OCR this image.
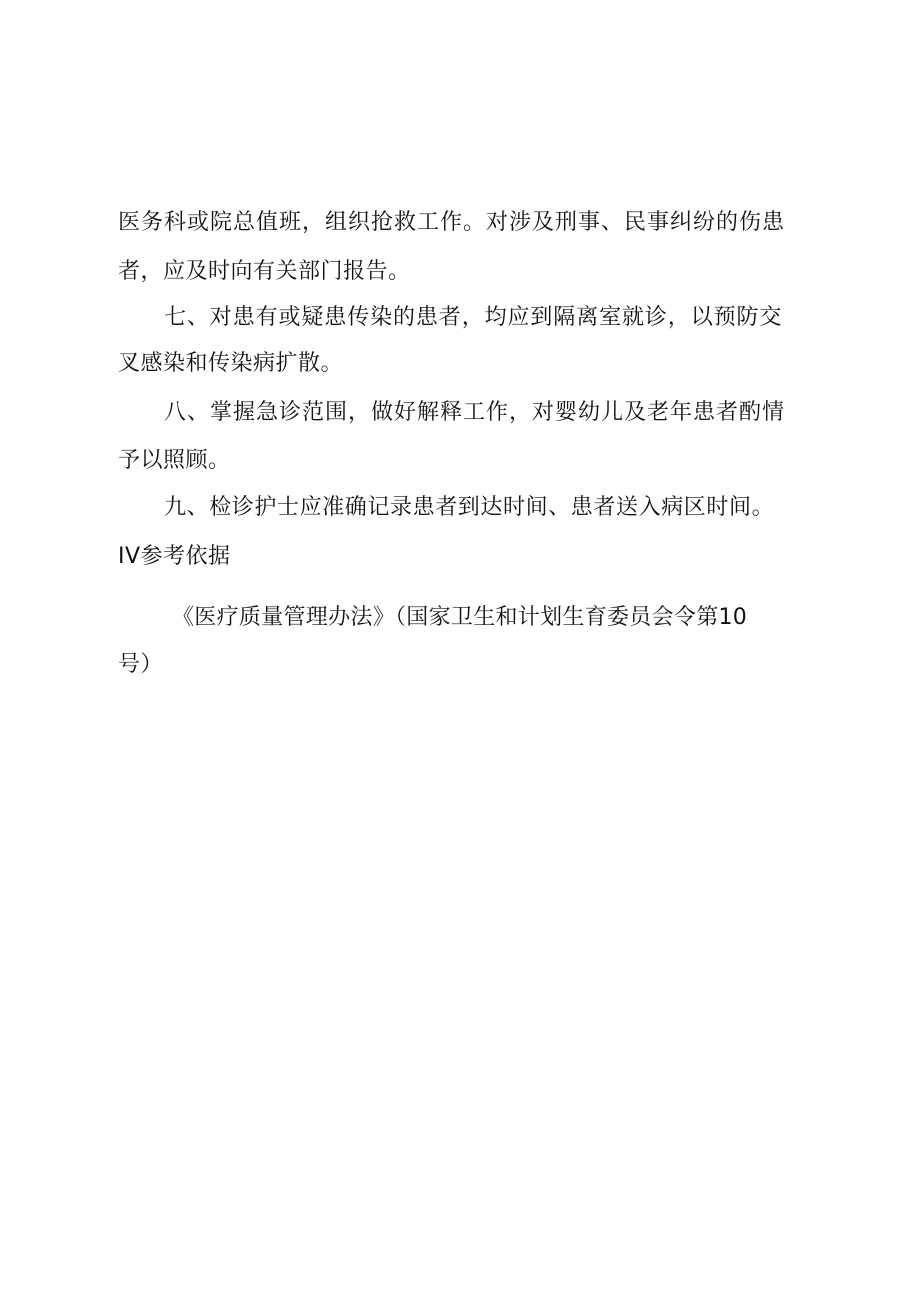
医务科或院总值班，组织抢救工作。对涉及刑事、民事纠纷的伤患
者，应及时向有关部门报告。
七、对患有或疑患传染的患者，均应到隔离室就诊，以预防交
叉感染和传染病扩散。
八、掌握急诊范围，做好解释工作，对婴幼儿及老年患者酌情
予以照顾。
九、检诊护士应准确记录患者到达时间、患者送入病区时间。
IV参考依据
《医疗质量管理办法》（国家卫生和计划生育委员会令第10
号）
